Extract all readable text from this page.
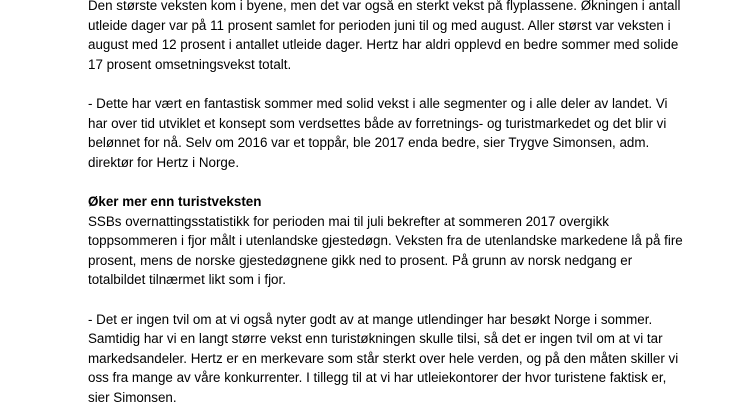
Den største veksten kom i byene, men det var også en sterkt vekst på flyplassene. Økningen i antall
utleide dager var på 11 prosent samlet for perioden juni til og med august. Aller størst var veksten i
august med 12 prosent i antallet utleide dager. Hertz har aldri opplevd en bedre sommer med solide
17 prosent omsetningsvekst totalt.
- Dette har vært en fantastisk sommer med solid vekst i alle segmenter og i alle deler av landet. Vi
har over tid utviklet et konsept som verdsettes både av forretnings- og turistmarkedet og det blir vi
belønnet for nå. Selv om 2016 var et toppår, ble 2017 enda bedre, sier Trygve Simonsen, adm.
direktør for Hertz i Norge.
Øker mer enn turistveksten
SSBs overnattingsstatistikk for perioden mai til juli bekrefter at sommeren 2017 overgikk
toppsommeren i fjor målt i utenlandske gjestedøgn. Veksten fra de utenlandske markedene lå på fire
prosent, mens de norske gjestedøgnene gikk ned to prosent. På grunn av norsk nedgang er
totalbildet tilnærmet likt som i fjor.
- Det er ingen tvil om at vi også nyter godt av at mange utlendinger har besøkt Norge i sommer.
Samtidig har vi en langt større vekst enn turistøkningen skulle tilsi, så det er ingen tvil om at vi tar
markedsandeler. Hertz er en merkevare som står sterkt over hele verden, og på den måten skiller vi
oss fra mange av våre konkurrenter. I tillegg til at vi har utleiekontorer der hvor turistene faktisk er,
sier Simonsen.
